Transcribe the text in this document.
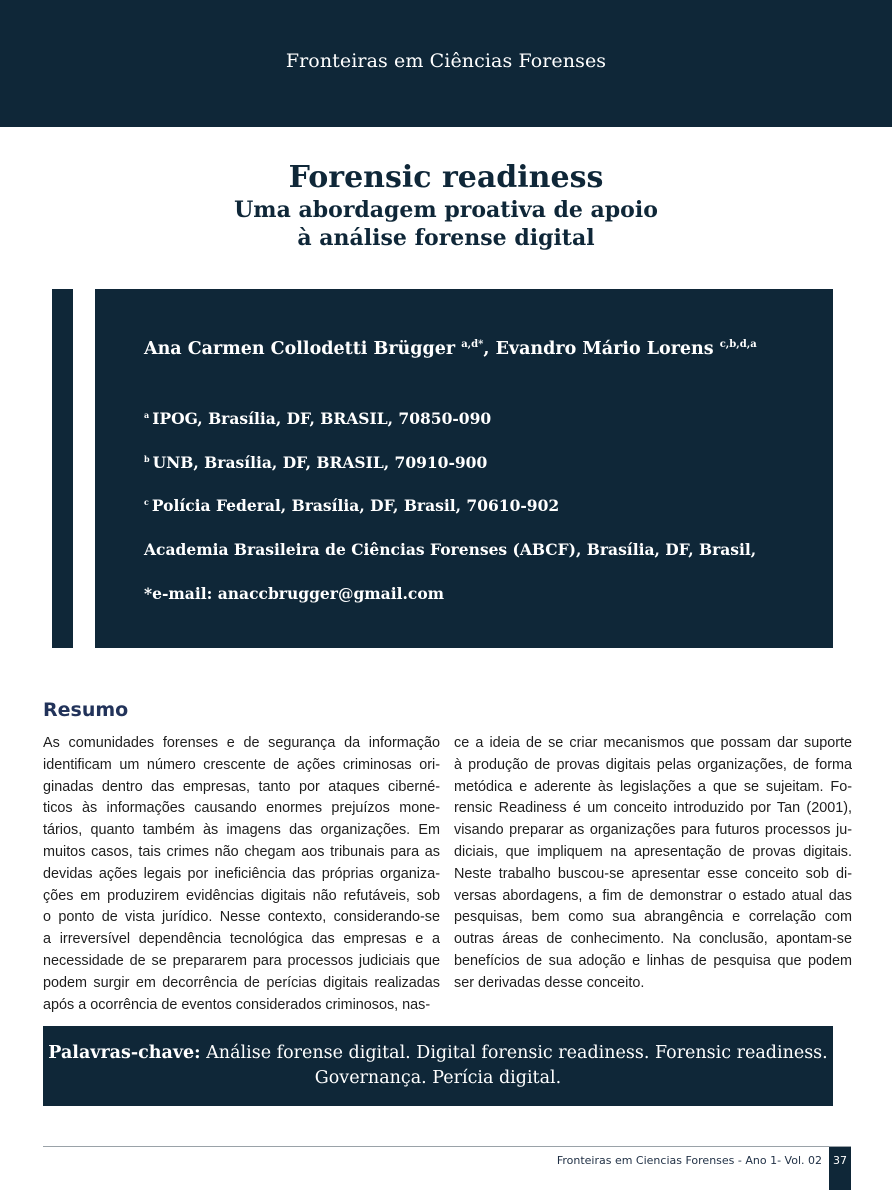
Fronteiras em Ciências Forenses
Forensic readiness
Uma abordagem proativa de apoio
à análise forense digital
Ana Carmen Collodetti Brügger $^{a,d*}$, Evandro Mário Lorens $^{c,b,d,a}$
$^a$ IPOG, Brasília, DF, BRASIL, 70850-090
$^b$ UNB, Brasília, DF, BRASIL, 70910-900
$^c$ Polícia Federal, Brasília, DF, Brasil, 70610-902
Academia Brasileira de Ciências Forenses (ABCF), Brasília, DF, Brasil,
*e-mail: anaccbrugger@gmail.com
Resumo
As comunidades forenses e de segurança da informação
identificam um número crescente de ações criminosas ori-
ginadas dentro das empresas, tanto por ataques ciberné-
ticos às informações causando enormes prejuízos mone-
tários, quanto também às imagens das organizações. Em
muitos casos, tais crimes não chegam aos tribunais para as
devidas ações legais por ineficiência das próprias organiza-
ções em produzirem evidências digitais não refutáveis, sob
o ponto de vista jurídico. Nesse contexto, considerando-se
a irreversível dependência tecnológica das empresas e a
necessidade de se prepararem para processos judiciais que
podem surgir em decorrência de perícias digitais realizadas
após a ocorrência de eventos considerados criminosos, nas-
ce a ideia de se criar mecanismos que possam dar suporte
à produção de provas digitais pelas organizações, de forma
metódica e aderente às legislações a que se sujeitam. Fo-
rensic Readiness é um conceito introduzido por Tan (2001),
visando preparar as organizações para futuros processos ju-
diciais, que impliquem na apresentação de provas digitais.
Neste trabalho buscou-se apresentar esse conceito sob di-
versas abordagens, a fim de demonstrar o estado atual das
pesquisas, bem como sua abrangência e correlação com
outras áreas de conhecimento. Na conclusão, apontam-se
benefícios de sua adoção e linhas de pesquisa que podem
ser derivadas desse conceito.
Palavras-chave: Análise forense digital. Digital forensic readiness. Forensic readiness.
Governança. Perícia digital.
Fronteiras em Ciencias Forenses - Ano 1- Vol. 02	37
